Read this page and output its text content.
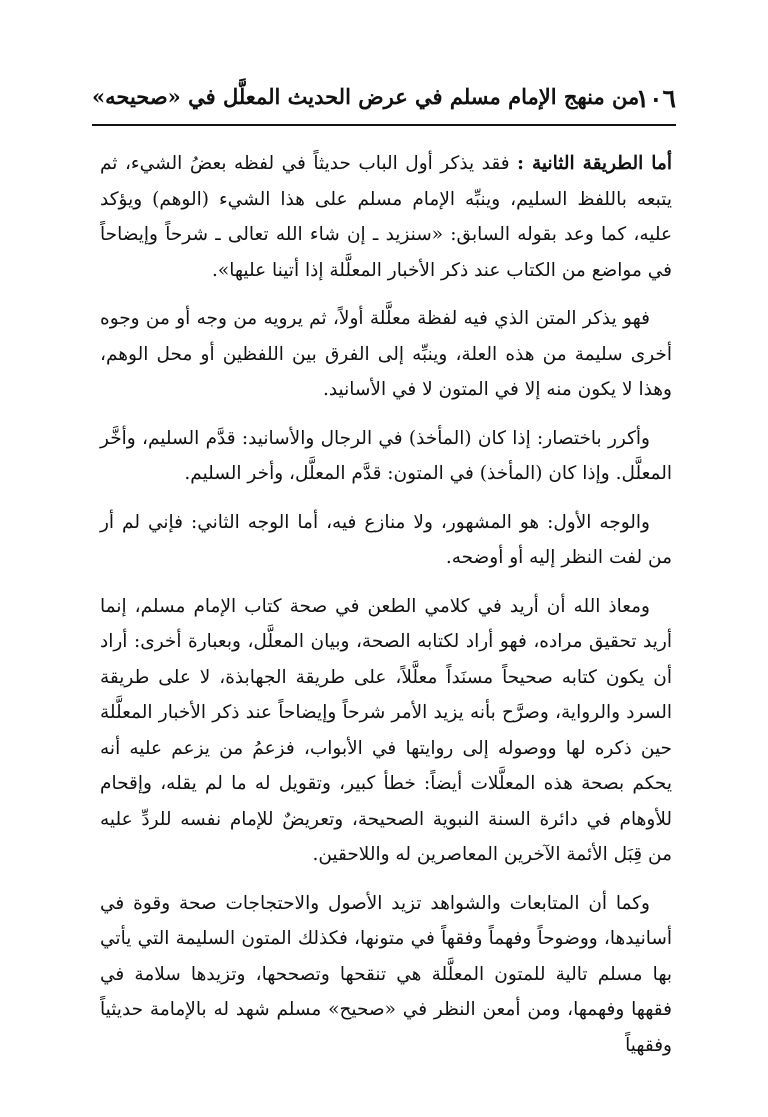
١٠٦
من منهج الإمام مسلم في عرض الحديث المعلَّل في «صحيحه»

أما الطريقة الثانية : فقد يذكر أول الباب حديثاً في لفظه بعضُ الشيء، ثم يتبعه باللفظ السليم، وينبِّه الإمام مسلم على هذا الشيء (الوهم) ويؤكد عليه، كما وعد بقوله السابق: «سنزيد ـ إن شاء الله تعالى ـ شرحاً وإيضاحاً في مواضع من الكتاب عند ذكر الأخبار المعلَّلة إذا أتينا عليها».

فهو يذكر المتن الذي فيه لفظة معلَّلة أولاً، ثم يرويه من وجه أو من وجوه أخرى سليمة من هذه العلة، وينبِّه إلى الفرق بين اللفظين أو محل الوهم، وهذا لا يكون منه إلا في المتون لا في الأسانيد.

وأكرر باختصار: إذا كان (المأخذ) في الرجال والأسانيد: قدَّم السليم، وأخَّر المعلَّل. وإذا كان (المأخذ) في المتون: قدَّم المعلَّل، وأخر السليم.

والوجه الأول: هو المشهور، ولا منازع فيه، أما الوجه الثاني: فإني لم أر من لفت النظر إليه أو أوضحه.

ومعاذ الله أن أريد في كلامي الطعن في صحة كتاب الإمام مسلم، إنما أريد تحقيق مراده، فهو أراد لكتابه الصحة، وبيان المعلَّل، وبعبارة أخرى: أراد أن يكون كتابه صحيحاً مسنَداً معلَّلاً، على طريقة الجهابذة، لا على طريقة السرد والرواية، وصرَّح بأنه يزيد الأمر شرحاً وإيضاحاً عند ذكر الأخبار المعلَّلة حين ذكره لها ووصوله إلى روايتها في الأبواب، فزعمُ من يزعم عليه أنه يحكم بصحة هذه المعلَّلات أيضاً: خطأ كبير، وتقويل له ما لم يقله، وإقحام للأوهام في دائرة السنة النبوية الصحيحة، وتعريضٌ للإمام نفسه للردِّ عليه من قِبَل الأئمة الآخرين المعاصرين له واللاحقين.

وكما أن المتابعات والشواهد تزيد الأصول والاحتجاجات صحة وقوة في أسانيدها، ووضوحاً وفهماً وفقهاً في متونها، فكذلك المتون السليمة التي يأتي بها مسلم تالية للمتون المعلَّلة هي تنقحها وتصححها، وتزيدها سلامة في فقهها وفهمها، ومن أمعن النظر في «صحيح» مسلم شهد له بالإمامة حديثياً وفقهياً
